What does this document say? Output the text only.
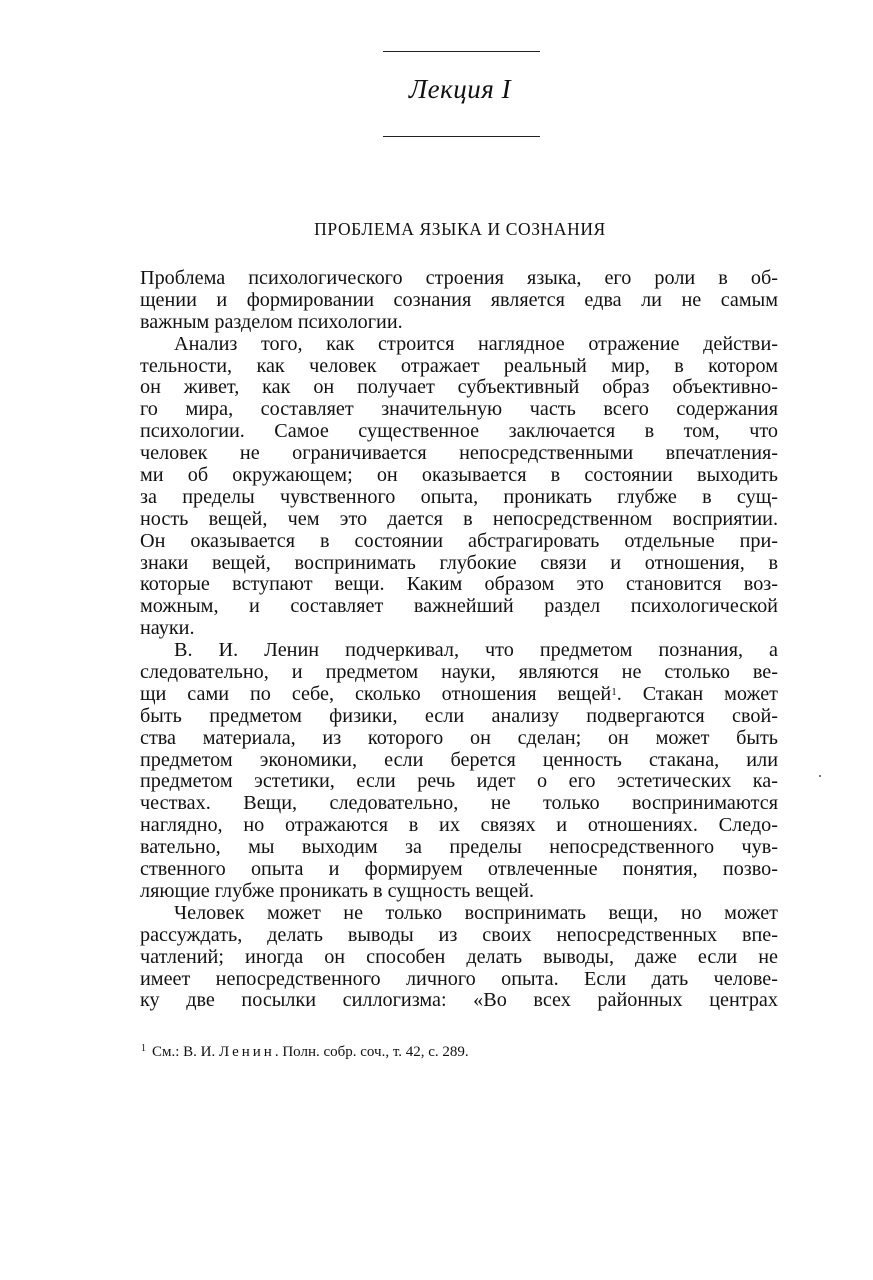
Лекция I
ПРОБЛЕМА ЯЗЫКА И СОЗНАНИЯ
Проблема психологического строения языка, его роли в об-
щении и формировании сознания является едва ли не самым
важным разделом психологии.
Анализ того, как строится наглядное отражение действи-
тельности, как человек отражает реальный мир, в котором
он живет, как он получает субъективный образ объективно-
го мира, составляет значительную часть всего содержания
психологии. Самое существенное заключается в том, что
человек не ограничивается непосредственными впечатления-
ми об окружающем; он оказывается в состоянии выходить
за пределы чувственного опыта, проникать глубже в сущ-
ность вещей, чем это дается в непосредственном восприятии.
Он оказывается в состоянии абстрагировать отдельные при-
знаки вещей, воспринимать глубокие связи и отношения, в
которые вступают вещи. Каким образом это становится воз-
можным, и составляет важнейший раздел психологической
науки.
В. И. Ленин подчеркивал, что предметом познания, а
следовательно, и предметом науки, являются не столько ве-
щи сами по себе, сколько отношения вещей$^1$. Стакан может
быть предметом физики, если анализу подвергаются свой-
ства материала, из которого он сделан; он может быть
предметом экономики, если берется ценность стакана, или
предметом эстетики, если речь идет о его эстетических ка-
чествах. Вещи, следовательно, не только воспринимаются
наглядно, но отражаются в их связях и отношениях. Следо-
вательно, мы выходим за пределы непосредственного чув-
ственного опыта и формируем отвлеченные понятия, позво-
ляющие глубже проникать в сущность вещей.
Человек может не только воспринимать вещи, но может
рассуждать, делать выводы из своих непосредственных впе-
чатлений; иногда он способен делать выводы, даже если не
имеет непосредственного личного опыта. Если дать челове-
ку две посылки силлогизма: «Во всех районных центрах
$^1$ См.: В. И. Ленин. Полн. собр. соч., т. 42, с. 289.
